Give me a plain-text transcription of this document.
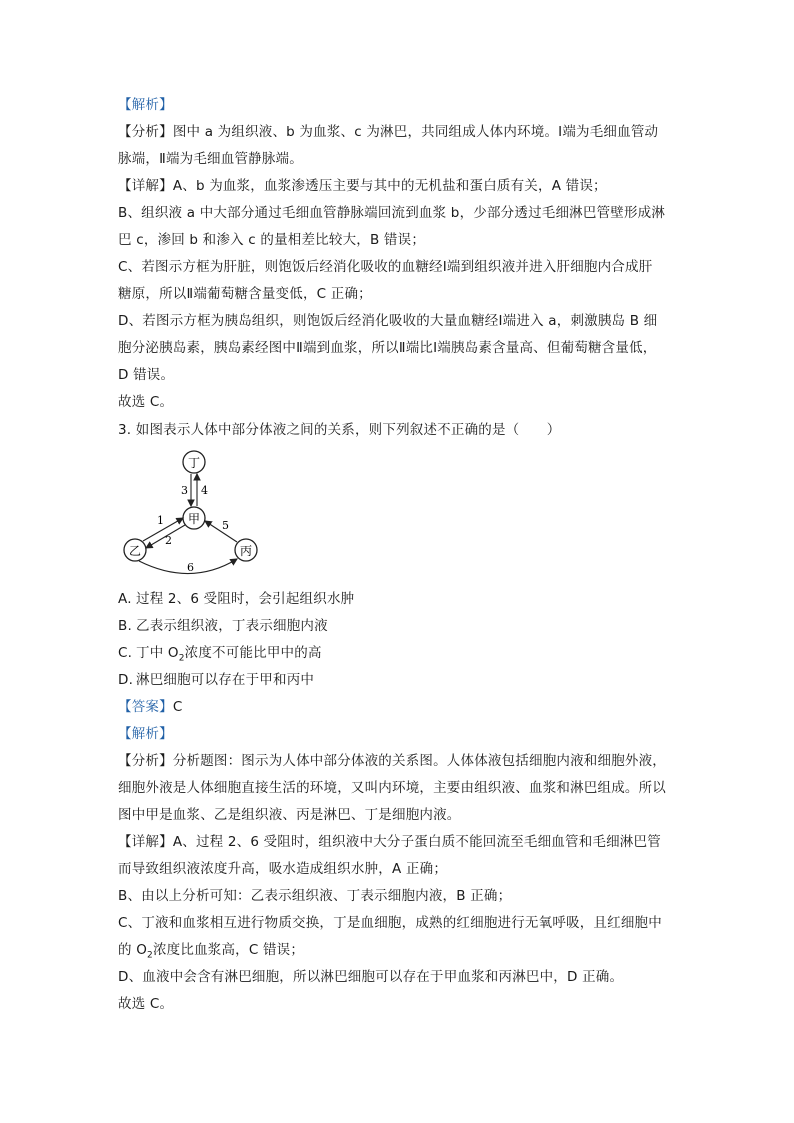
【解析】
【分析】图中 a 为组织液、b 为血浆、c 为淋巴，共同组成人体内环境。Ⅰ端为毛细血管动
脉端，Ⅱ端为毛细血管静脉端。
【详解】A、b 为血浆，血浆渗透压主要与其中的无机盐和蛋白质有关，A 错误；
B、组织液 a 中大部分通过毛细血管静脉端回流到血浆 b，少部分透过毛细淋巴管壁形成淋
巴 c，渗回 b 和渗入 c 的量相差比较大，B 错误；
C、若图示方框为肝脏，则饱饭后经消化吸收的血糖经Ⅰ端到组织液并进入肝细胞内合成肝
糖原，所以Ⅱ端葡萄糖含量变低，C 正确；
D、若图示方框为胰岛组织，则饱饭后经消化吸收的大量血糖经Ⅰ端进入 a，刺激胰岛 B 细
胞分泌胰岛素，胰岛素经图中Ⅱ端到血浆，所以Ⅱ端比Ⅰ端胰岛素含量高、但葡萄糖含量低，
D 错误。
故选 C。
3. 如图表示人体中部分体液之间的关系，则下列叙述不正确的是（　　）
丁
甲
乙	丙
3 4
1
2
5
6
A. 过程 2、6 受阻时，会引起组织水肿
B. 乙表示组织液，丁表示细胞内液
C. 丁中 $O_2$浓度不可能比甲中的高
D. 淋巴细胞可以存在于甲和丙中
【答案】C
【解析】
【分析】分析题图：图示为人体中部分体液的关系图。人体体液包括细胞内液和细胞外液，
细胞外液是人体细胞直接生活的环境，又叫内环境，主要由组织液、血浆和淋巴组成。所以
图中甲是血浆、乙是组织液、丙是淋巴、丁是细胞内液。
【详解】A、过程 2、6 受阻时，组织液中大分子蛋白质不能回流至毛细血管和毛细淋巴管
而导致组织液浓度升高，吸水造成组织水肿，A 正确；
B、由以上分析可知：乙表示组织液、丁表示细胞内液，B 正确；
C、丁液和血浆相互进行物质交换，丁是血细胞，成熟的红细胞进行无氧呼吸，且红细胞中
的 $O_2$浓度比血浆高，C 错误；
D、血液中会含有淋巴细胞，所以淋巴细胞可以存在于甲血浆和丙淋巴中，D 正确。
故选 C。
